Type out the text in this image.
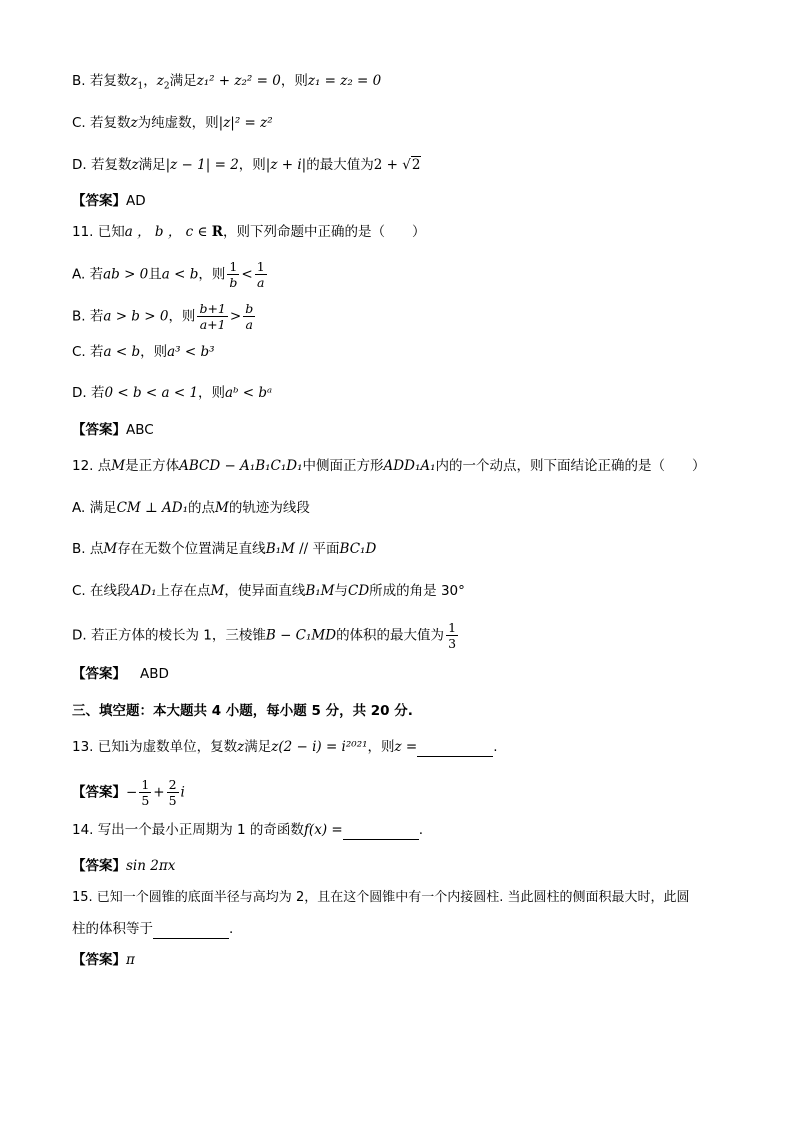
B. 若复数$z_1$，$z_2$满足z₁² + z₂² = 0，则z₁ = z₂ = 0
C. 若复数z为纯虚数，则|z|² = z²
D. 若复数z满足|z − 1| = 2，则|z + i|的最大值为2 + √2
【答案】AD
11. 已知a ， b ， c ∈ R，则下列命题中正确的是（　　）
A. 若ab > 0且a < b，则 $\frac{1}{b} < \frac{1}{a}$
B. 若a > b > 0，则 $\frac{b+1}{a+1} > \frac{b}{a}$
C. 若a < b，则a³ < b³
D. 若0 < b < a < 1，则aᵇ < bᵃ
【答案】ABC
12. 点M是正方体ABCD − A₁B₁C₁D₁中侧面正方形ADD₁A₁内的一个动点，则下面结论正确的是（　　）
A. 满足CM ⊥ AD₁的点M的轨迹为线段
B. 点M存在无数个位置满足直线B₁M // 平面BC₁D
C. 在线段AD₁上存在点M，使异面直线B₁M与CD所成的角是 30°
D. 若正方体的棱长为 1，三棱锥B − C₁MD的体积的最大值为 $\frac{1}{3}$
【答案】 ABD
三、填空题：本大题共 4 小题，每小题 5 分，共 20 分.
13. 已知i为虚数单位，复数z满足z(2 − i) = i²⁰²¹，则z =	.
【答案】− $\frac{1}{5} + \frac{2}{5}$ i
14. 写出一个最小正周期为 1 的奇函数f(x) =	.
【答案】sin 2πx
15. 已知一个圆锥的底面半径与高均为 2，且在这个圆锥中有一个内接圆柱. 当此圆柱的侧面积最大时，此圆
柱的体积等于	.
【答案】π
